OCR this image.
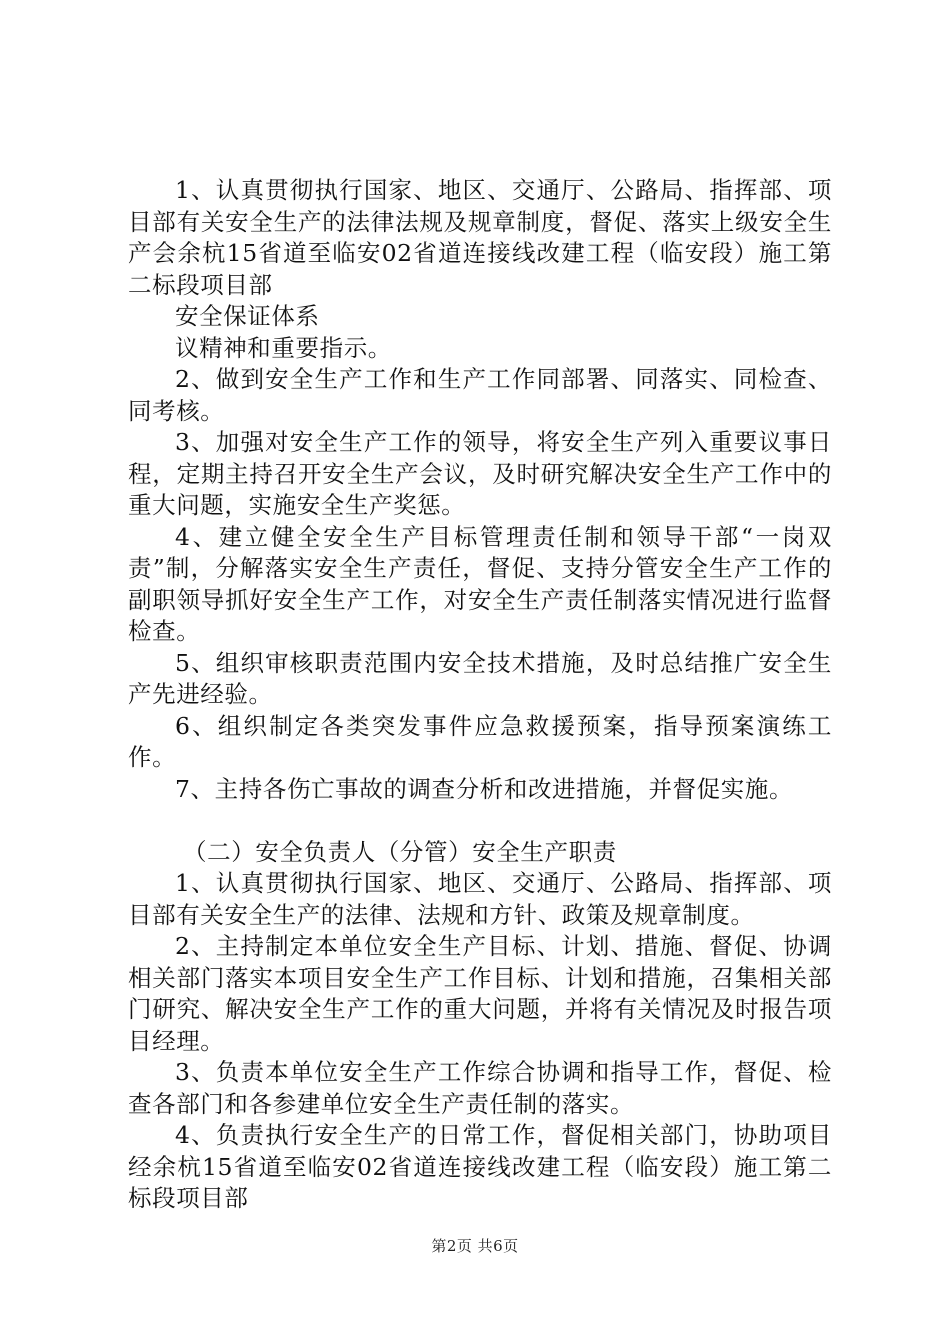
1、认真贯彻执行国家、地区、交通厅、公路局、指挥部、项目部有关安全生产的法律法规及规章制度，督促、落实上级安全生产会余杭15省道至临安02省道连接线改建工程（临安段）施工第二标段项目部

安全保证体系

议精神和重要指示。

2、做到安全生产工作和生产工作同部署、同落实、同检查、同考核。

3、加强对安全生产工作的领导，将安全生产列入重要议事日程，定期主持召开安全生产会议，及时研究解决安全生产工作中的重大问题，实施安全生产奖惩。

4、建立健全安全生产目标管理责任制和领导干部“一岗双责”制，分解落实安全生产责任，督促、支持分管安全生产工作的副职领导抓好安全生产工作，对安全生产责任制落实情况进行监督检查。

5、组织审核职责范围内安全技术措施，及时总结推广安全生产先进经验。

6、组织制定各类突发事件应急救援预案，指导预案演练工作。

7、主持各伤亡事故的调查分析和改进措施，并督促实施。

（二）安全负责人（分管）安全生产职责

1、认真贯彻执行国家、地区、交通厅、公路局、指挥部、项目部有关安全生产的法律、法规和方针、政策及规章制度。

2、主持制定本单位安全生产目标、计划、措施、督促、协调相关部门落实本项目安全生产工作目标、计划和措施，召集相关部门研究、解决安全生产工作的重大问题，并将有关情况及时报告项目经理。

3、负责本单位安全生产工作综合协调和指导工作，督促、检查各部门和各参建单位安全生产责任制的落实。

4、负责执行安全生产的日常工作，督促相关部门，协助项目经余杭15省道至临安02省道连接线改建工程（临安段）施工第二标段项目部

第2页 共6页
